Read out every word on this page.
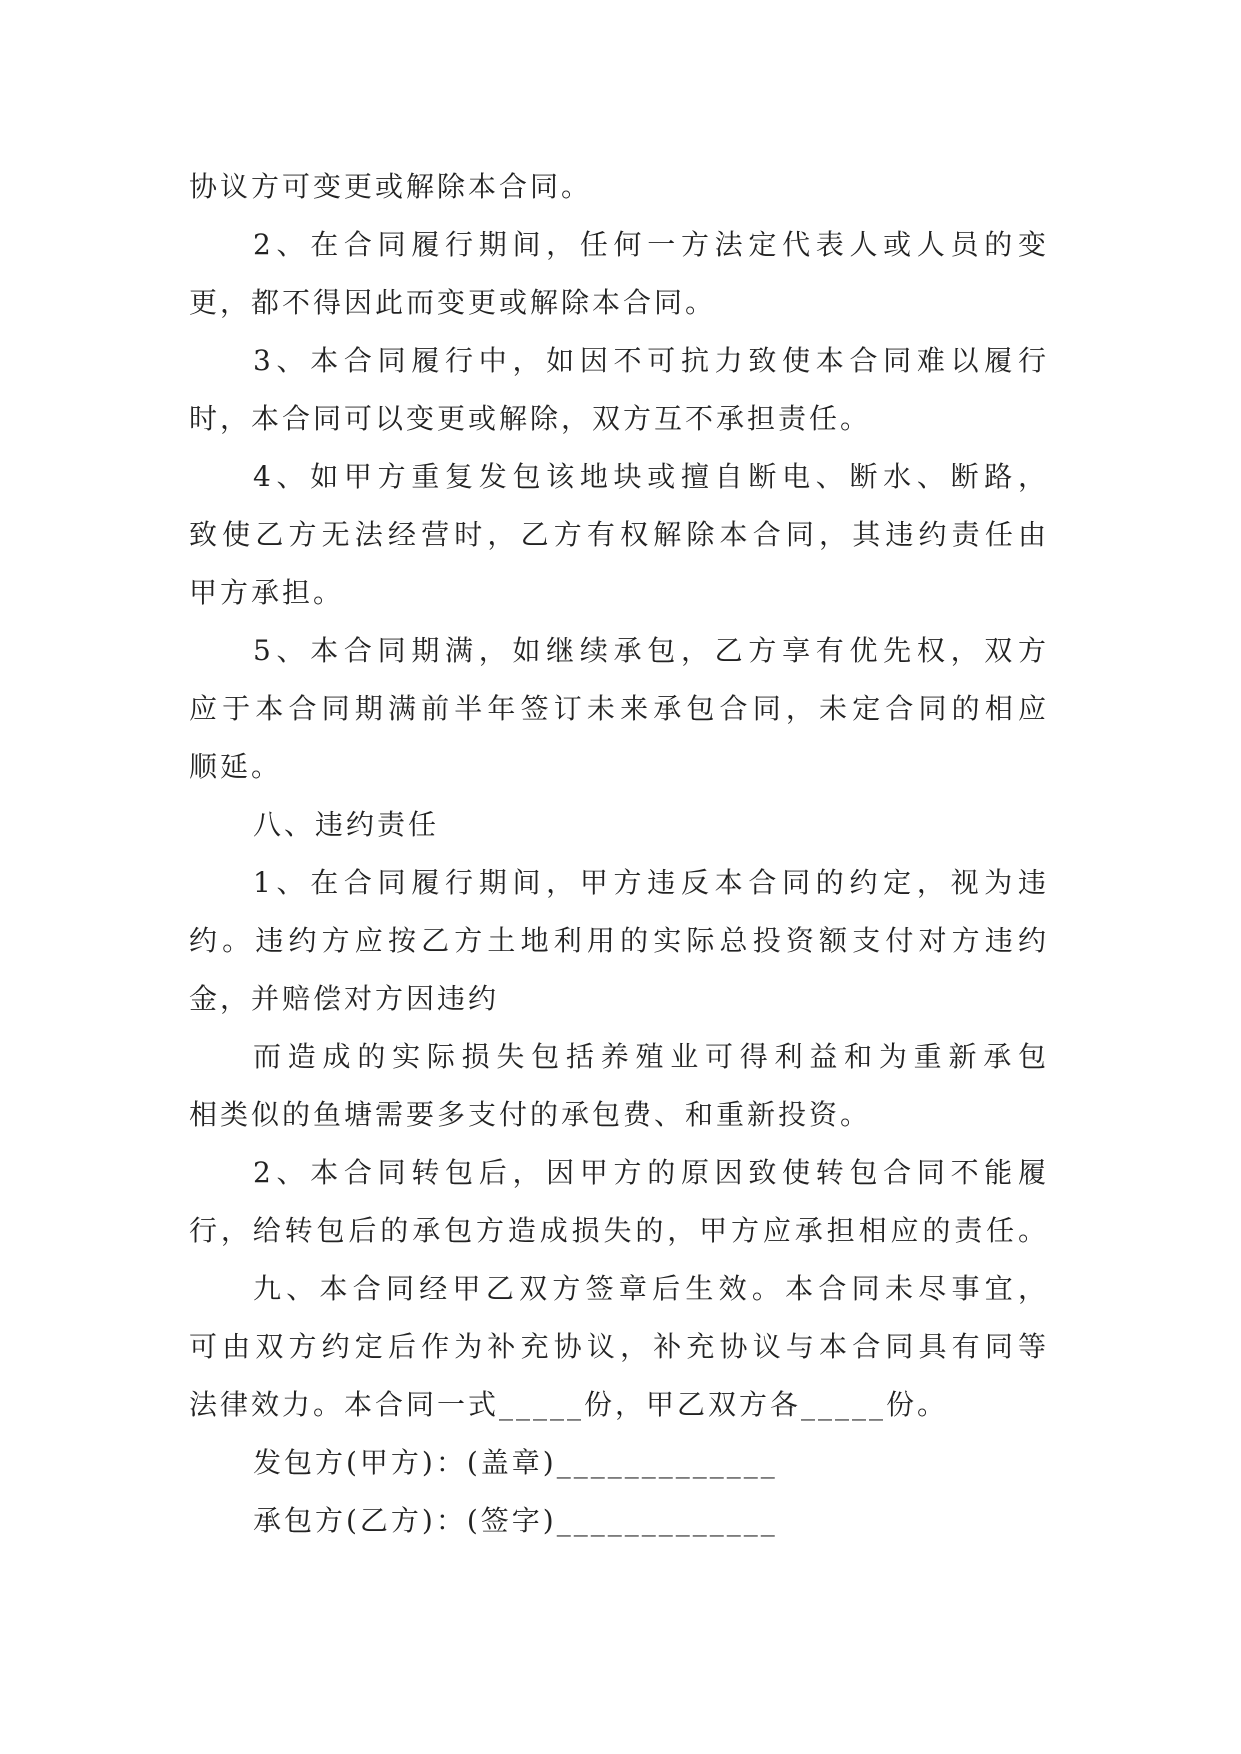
协议方可变更或解除本合同。
2、在合同履行期间，任何一方法定代表人或人员的变
更，都不得因此而变更或解除本合同。
3、本合同履行中，如因不可抗力致使本合同难以履行
时，本合同可以变更或解除，双方互不承担责任。
4、如甲方重复发包该地块或擅自断电、断水、断路，
致使乙方无法经营时，乙方有权解除本合同，其违约责任由
甲方承担。
5、本合同期满，如继续承包，乙方享有优先权，双方
应于本合同期满前半年签订未来承包合同，未定合同的相应
顺延。
八、违约责任
1、在合同履行期间，甲方违反本合同的约定，视为违
约。违约方应按乙方土地利用的实际总投资额支付对方违约
金，并赔偿对方因违约
而造成的实际损失包括养殖业可得利益和为重新承包
相类似的鱼塘需要多支付的承包费、和重新投资。
2、本合同转包后，因甲方的原因致使转包合同不能履
行，给转包后的承包方造成损失的，甲方应承担相应的责任。
九、本合同经甲乙双方签章后生效。本合同未尽事宜，
可由双方约定后作为补充协议，补充协议与本合同具有同等
法律效力。本合同一式_____份，甲乙双方各_____份。
发包方(甲方)：(盖章)_____________
承包方(乙方)：(签字)_____________
